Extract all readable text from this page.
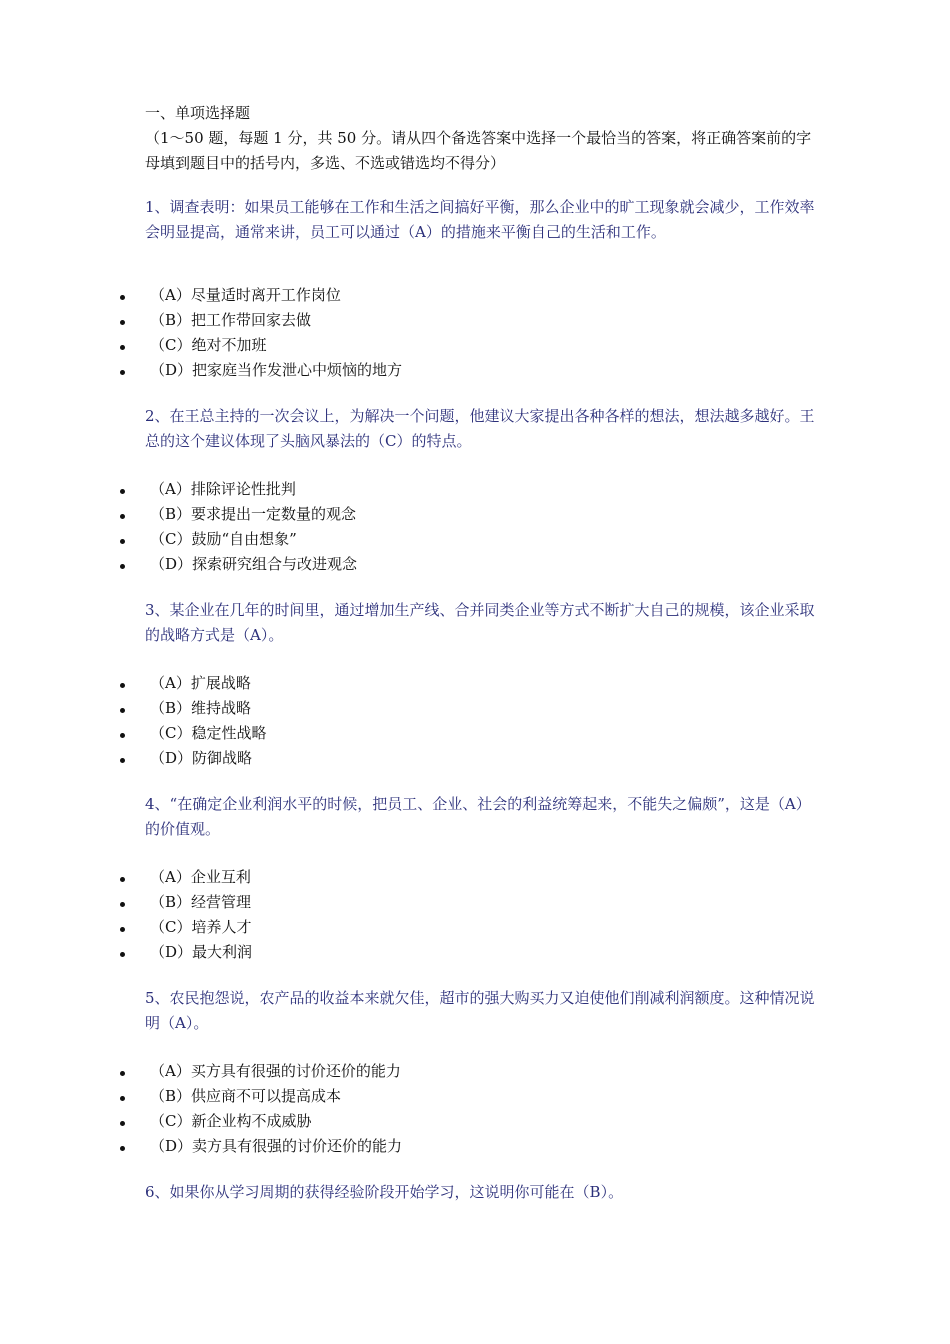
一、单项选择题
（1～50 题，每题 1 分，共 50 分。请从四个备选答案中选择一个最恰当的答案，将正确答案前的字母填到题目中的括号内，多选、不选或错选均不得分）
1、调查表明：如果员工能够在工作和生活之间搞好平衡，那么企业中的旷工现象就会减少，工作效率会明显提高，通常来讲，员工可以通过（A）的措施来平衡自己的生活和工作。
（A）尽量适时离开工作岗位
（B）把工作带回家去做
（C）绝对不加班
（D）把家庭当作发泄心中烦恼的地方
2、在王总主持的一次会议上，为解决一个问题，他建议大家提出各种各样的想法，想法越多越好。王总的这个建议体现了头脑风暴法的（C）的特点。
（A）排除评论性批判
（B）要求提出一定数量的观念
（C）鼓励“自由想象”
（D）探索研究组合与改进观念
3、某企业在几年的时间里，通过增加生产线、合并同类企业等方式不断扩大自己的规模，该企业采取的战略方式是（A）。
（A）扩展战略
（B）维持战略
（C）稳定性战略
（D）防御战略
4、“在确定企业利润水平的时候，把员工、企业、社会的利益统筹起来，不能失之偏颇”，这是（A）的价值观。
（A）企业互利
（B）经营管理
（C）培养人才
（D）最大利润
5、农民抱怨说，农产品的收益本来就欠佳，超市的强大购买力又迫使他们削减利润额度。这种情况说明（A）。
（A）买方具有很强的讨价还价的能力
（B）供应商不可以提高成本
（C）新企业构不成威胁
（D）卖方具有很强的讨价还价的能力
6、如果你从学习周期的获得经验阶段开始学习，这说明你可能在（B）。
